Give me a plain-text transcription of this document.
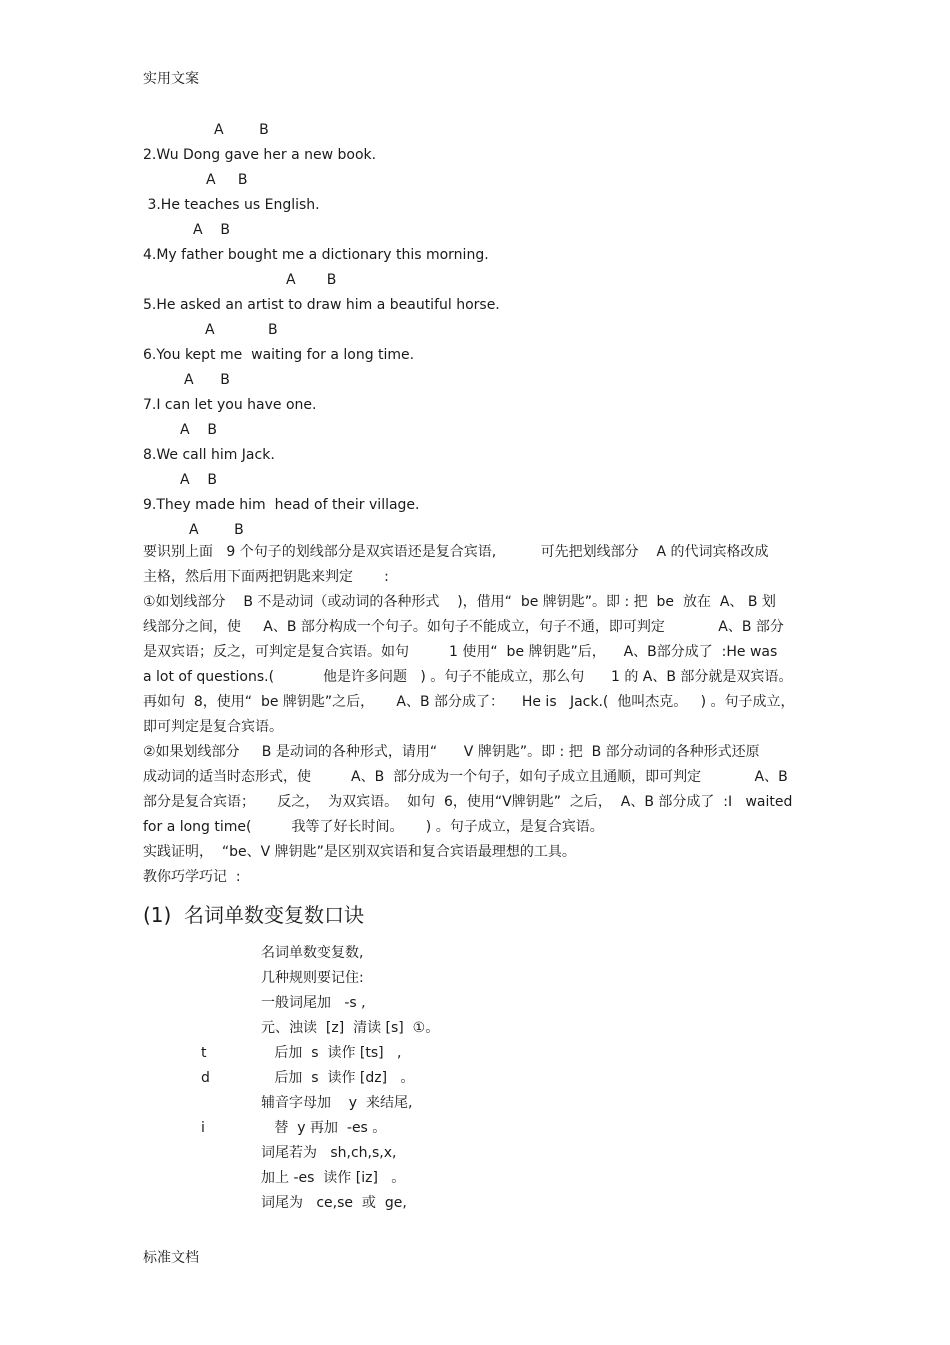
实用文案
A        B
2.Wu Dong gave her a new book.
A     B
3.He teaches us English.
A    B
4.My father bought me a dictionary this morning.
A       B
5.He asked an artist to draw him a beautiful horse.
A            B
6.You kept me  waiting for a long time.
A      B
7.I can let you have one.
A    B
8.We call him Jack.
A    B
9.They made him  head of their village.
A        B
要识别上面   9 个句子的划线部分是双宾语还是复合宾语,          可先把划线部分    A 的代词宾格改成
主格，然后用下面两把钥匙来判定       :
①如划线部分    B 不是动词（或动词的各种形式    )，借用“  be 牌钥匙”。即 : 把  be  放在  A、 B 划
线部分之间，使     A、B 部分构成一个句子。如句子不能成立，句子不通，即可判定            A、B 部分
是双宾语；反之，可判定是复合宾语。如句         1 使用“  be 牌钥匙”后，    A、B部分成了  :He was
a lot of questions.(           他是许多问题   ) 。句子不能成立，那么句      1 的 A、B 部分就是双宾语。
再如句  8，使用“  be 牌钥匙”之后，     A、B 部分成了：    He is   Jack.(  他叫杰克。   ) 。句子成立，
即可判定是复合宾语。
②如果划线部分     B 是动词的各种形式，请用“      V 牌钥匙”。即 : 把  B 部分动词的各种形式还原
成动词的适当时态形式，使         A、B  部分成为一个句子，如句子成立且通顺，即可判定            A、B
部分是复合宾语；     反之，  为双宾语。  如句  6，使用“V牌钥匙”  之后，  A、B 部分成了  :I   waited
for a long time(         我等了好长时间。     ) 。句子成立，是复合宾语。
实践证明，  “be、V 牌钥匙”是区别双宾语和复合宾语最理想的工具。
教你巧学巧记  :
(1)  名词单数变复数口诀
名词单数变复数,
几种规则要记住:
一般词尾加   -s ,
元、浊读  [z]  清读 [s]  ①。
t	后加  s  读作 [ts]   ,
d	后加  s  读作 [dz]   。
辅音字母加    y  来结尾,
i	替  y 再加  -es 。
词尾若为   sh,ch,s,x,
加上 -es  读作 [iz]   。
词尾为   ce,se  或  ge,
标准文档
